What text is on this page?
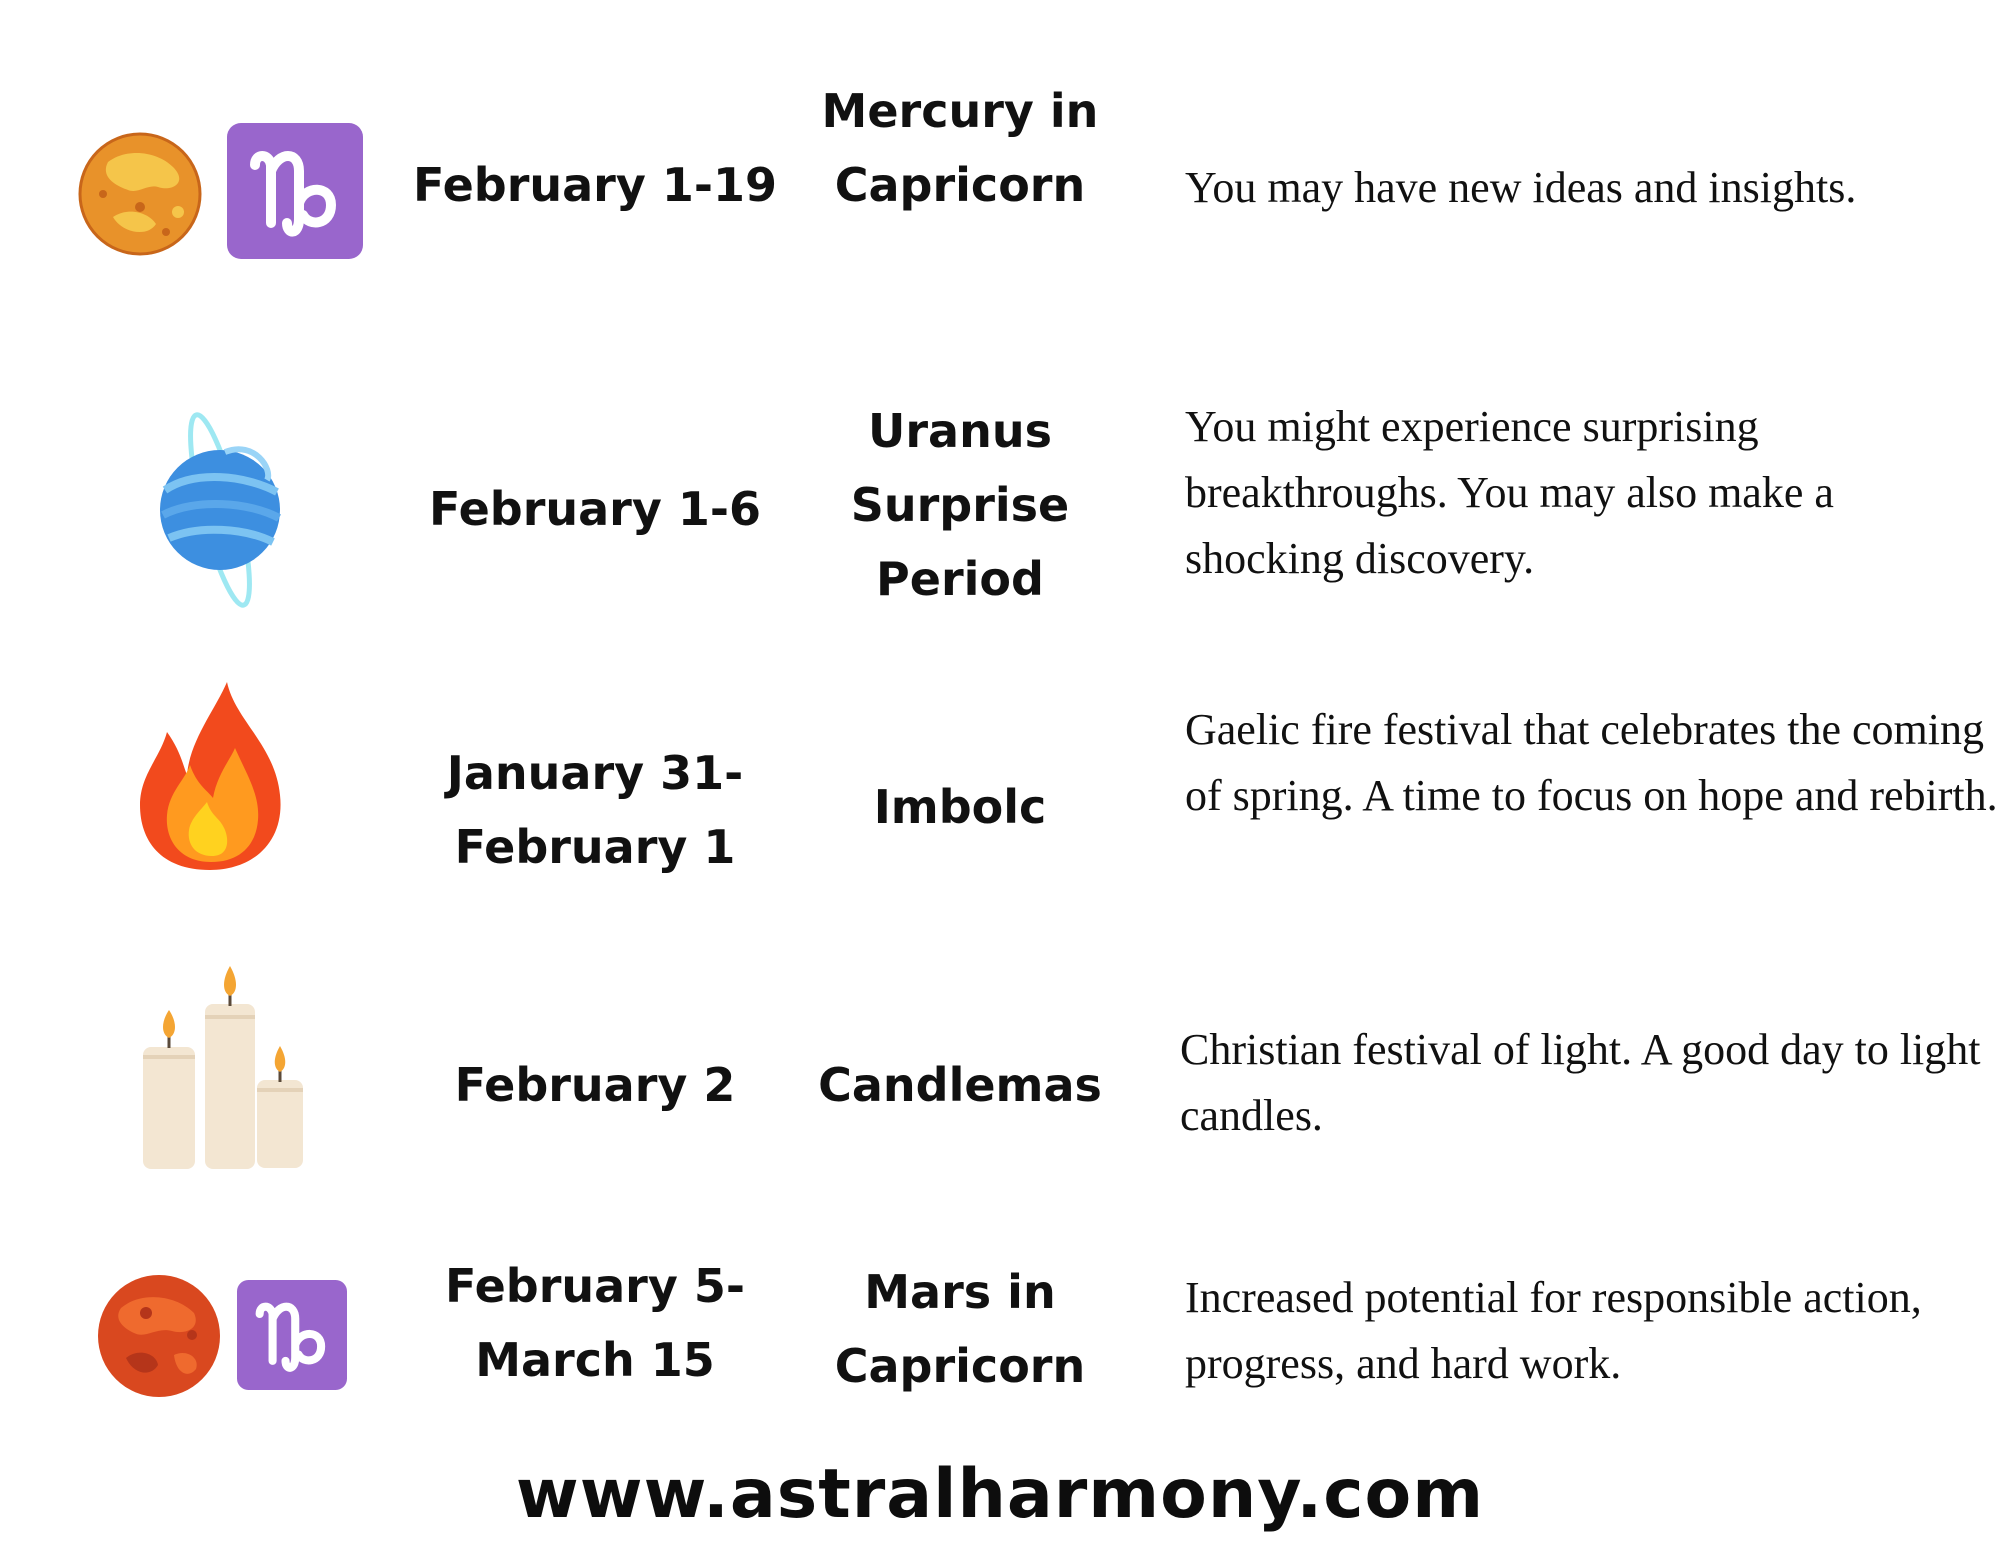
February 1-19
Mercury in Capricorn	You may have new ideas and insights.
February 1-6
Uranus Surprise Period
You might experience surprising breakthroughs. You may also make a shocking discovery.
January 31- February 1
Imbolc
Gaelic fire festival that celebrates the coming of spring. A time to focus on hope and rebirth.
February 2	Candlemas
Christian festival of light. A good day to light candles.
February 5- March 15
Mars in Capricorn
Increased potential for responsible action, progress, and hard work.
www.astralharmony.com
